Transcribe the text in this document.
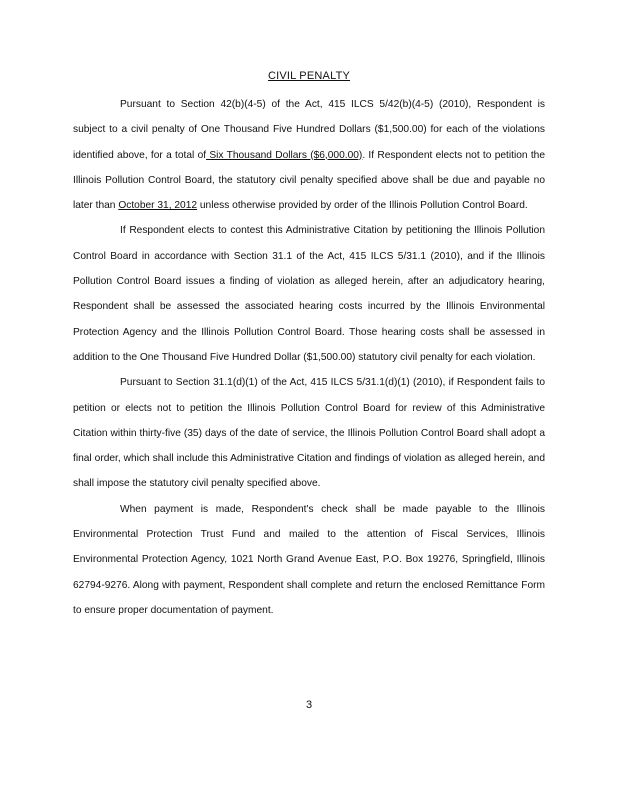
CIVIL PENALTY

Pursuant to Section 42(b)(4-5) of the Act, 415 ILCS 5/42(b)(4-5) (2010), Respondent is subject to a civil penalty of One Thousand Five Hundred Dollars ($1,500.00) for each of the violations identified above, for a total of Six Thousand Dollars ($6,000.00). If Respondent elects not to petition the Illinois Pollution Control Board, the statutory civil penalty specified above shall be due and payable no later than October 31, 2012 unless otherwise provided by order of the Illinois Pollution Control Board.

If Respondent elects to contest this Administrative Citation by petitioning the Illinois Pollution Control Board in accordance with Section 31.1 of the Act, 415 ILCS 5/31.1 (2010), and if the Illinois Pollution Control Board issues a finding of violation as alleged herein, after an adjudicatory hearing, Respondent shall be assessed the associated hearing costs incurred by the Illinois Environmental Protection Agency and the Illinois Pollution Control Board. Those hearing costs shall be assessed in addition to the One Thousand Five Hundred Dollar ($1,500.00) statutory civil penalty for each violation.

Pursuant to Section 31.1(d)(1) of the Act, 415 ILCS 5/31.1(d)(1) (2010), if Respondent fails to petition or elects not to petition the Illinois Pollution Control Board for review of this Administrative Citation within thirty-five (35) days of the date of service, the Illinois Pollution Control Board shall adopt a final order, which shall include this Administrative Citation and findings of violation as alleged herein, and shall impose the statutory civil penalty specified above.

When payment is made, Respondent's check shall be made payable to the Illinois Environmental Protection Trust Fund and mailed to the attention of Fiscal Services, Illinois Environmental Protection Agency, 1021 North Grand Avenue East, P.O. Box 19276, Springfield, Illinois 62794-9276. Along with payment, Respondent shall complete and return the enclosed Remittance Form to ensure proper documentation of payment.

3
